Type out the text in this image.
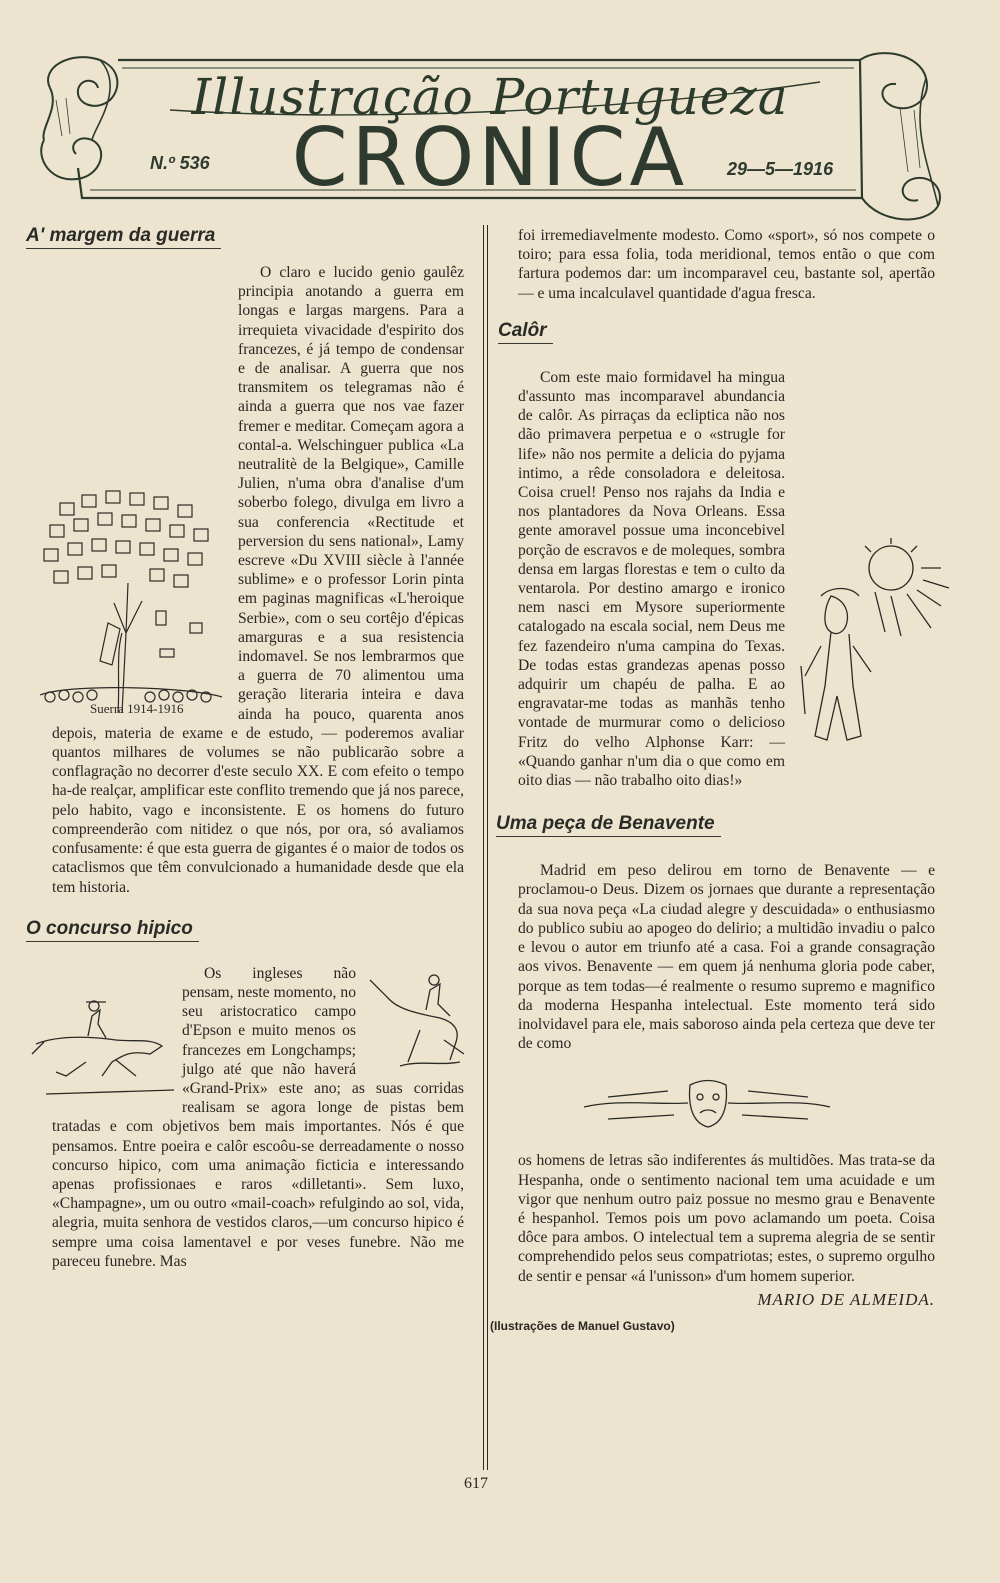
Illustração Portugueza
CRONICA
N.º 536	29—5—1916
A' margem da guerra

Suerra 1914-1916
O claro e lucido genio gaulêz principia anotando a guerra em longas e largas margens. Para a irrequieta vivacidade d'espirito dos francezes, é já tempo de condensar e de analisar. A guerra que nos transmitem os telegramas não é ainda a guerra que nos vae fazer fremer e meditar. Começam agora a contal-a. Welschinguer publica «La neutralitè de la Belgique», Camille Julien, n'uma obra d'analise d'um soberbo folego, divulga em livro a sua conferencia «Rectitude et perversion du sens national», Lamy escreve «Du XVIII siècle à l'année sublime» e o professor Lorin pinta em paginas magnificas «L'heroique Serbie», com o seu cortêjo d'épicas amarguras e a sua resistencia indomavel. Se nos lembrarmos que a guerra de 70 alimentou uma geração literaria inteira e dava ainda ha pouco, quarenta anos depois, materia de exame e de estudo, — poderemos avaliar quantos milhares de volumes se não publicarão sobre a conflagração no decorrer d'este seculo XX. E com efeito o tempo ha-de realçar, amplificar este conflito tremendo que já nos parece, pelo habito, vago e inconsistente. E os homens do futuro compreenderão com nitidez o que nós, por ora, só avaliamos confusamente: é que esta guerra de gigantes é o maior de todos os cataclismos que têm convulcionado a humanidade desde que ela tem historia.

O concurso hipico

Os ingleses não pensam, neste momento, no seu aristocratico campo d'Epson e muito menos os francezes em Longchamps; julgo até que não haverá «Grand-Prix» este ano; as suas corridas realisam se agora longe de pistas bem tratadas e com objetivos bem mais importantes. Nós é que pensamos. Entre poeira e calôr escoôu-se derreadamente o nosso concurso hipico, com uma animação ficticia e interessando apenas profissionaes e raros «dilletanti». Sem luxo, «Champagne», um ou outro «mail-coach» refulgindo ao sol, vida, alegria, muita senhora de vestidos claros,—um concurso hipico é sempre uma coisa lamentavel e por veses funebre. Não me pareceu funebre. Mas

foi irremediavelmente modesto. Como «sport», só nos compete o toiro; para essa folia, toda meridional, temos então o que com fartura podemos dar: um incomparavel ceu, bastante sol, apertão — e uma incalculavel quantidade d'agua fresca.

Calôr

Com este maio formidavel ha mingua d'assunto mas incomparavel abundancia de calôr. As pirraças da ecliptica não nos dão primavera perpetua e o «strugle for life» não nos permite a delicia do pyjama intimo, a rêde consoladora e deleitosa. Coisa cruel! Penso nos rajahs da India e nos plantadores da Nova Orleans. Essa gente amoravel possue uma inconcebivel porção de escravos e de moleques, sombra densa em largas florestas e tem o culto da ventarola. Por destino amargo e ironico nem nasci em Mysore superiormente catalogado na escala social, nem Deus me fez fazendeiro n'uma campina do Texas. De todas estas grandezas apenas posso adquirir um chapéu de palha. E ao engravatar-me todas as manhãs tenho vontade de murmurar como o delicioso Fritz do velho Alphonse Karr: — «Quando ganhar n'um dia o que como em oito dias — não trabalho oito dias!»

Uma peça de Benavente

Madrid em peso delirou em torno de Benavente — e proclamou-o Deus. Dizem os jornaes que durante a representação da sua nova peça «La ciudad alegre y descuidada» o enthusiasmo do publico subiu ao apogeo do delirio; a multidão invadiu o palco e levou o autor em triunfo até a casa. Foi a grande consagração aos vivos. Benavente — em quem já nenhuma gloria pode caber, porque as tem todas—é realmente o resumo supremo e magnifico da moderna Hespanha intelectual. Este momento terá sido inolvidavel para ele, mais saboroso ainda pela certeza que deve ter de como

os homens de letras são indiferentes ás multidões. Mas trata-se da Hespanha, onde o sentimento nacional tem uma acuidade e um vigor que nenhum outro paiz possue no mesmo grau e Benavente é hespanhol. Temos pois um povo aclamando um poeta. Coisa dôce para ambos. O intelectual tem a suprema alegria de se sentir comprehendido pelos seus compatriotas; estes, o supremo orgulho de sentir e pensar «á l'unisson» d'um homem superior.

MARIO DE ALMEIDA.

(Ilustrações de Manuel Gustavo)

617
